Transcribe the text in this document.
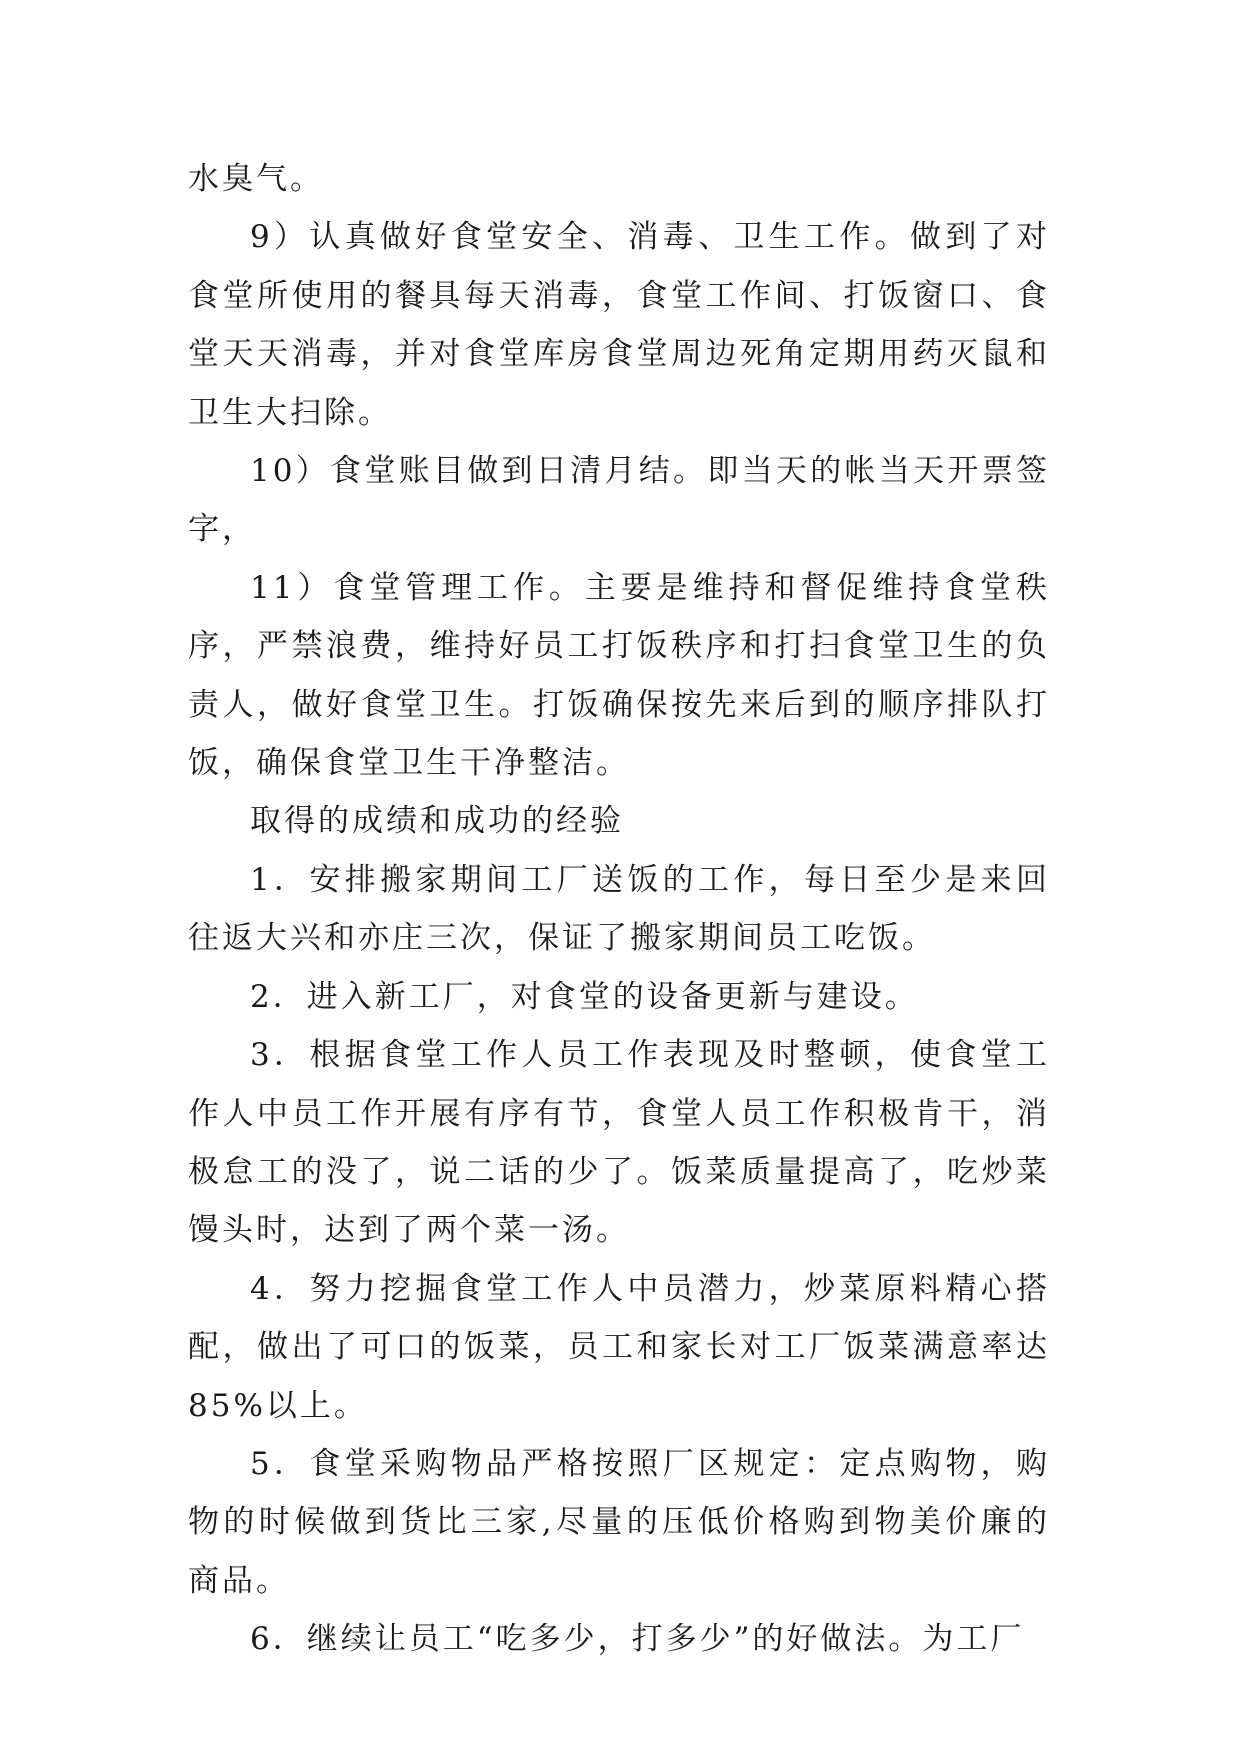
水臭气。

9）认真做好食堂安全、消毒、卫生工作。做到了对食堂所使用的餐具每天消毒，食堂工作间、打饭窗口、食堂天天消毒，并对食堂库房食堂周边死角定期用药灭鼠和卫生大扫除。

10）食堂账目做到日清月结。即当天的帐当天开票签字，

11）食堂管理工作。主要是维持和督促维持食堂秩序，严禁浪费，维持好员工打饭秩序和打扫食堂卫生的负责人，做好食堂卫生。打饭确保按先来后到的顺序排队打饭，确保食堂卫生干净整洁。

取得的成绩和成功的经验

1．安排搬家期间工厂送饭的工作，每日至少是来回往返大兴和亦庄三次，保证了搬家期间员工吃饭。

2．进入新工厂，对食堂的设备更新与建设。

3．根据食堂工作人员工作表现及时整顿，使食堂工作人中员工作开展有序有节，食堂人员工作积极肯干，消极怠工的没了，说二话的少了。饭菜质量提高了，吃炒菜馒头时，达到了两个菜一汤。

4．努力挖掘食堂工作人中员潜力，炒菜原料精心搭配，做出了可口的饭菜，员工和家长对工厂饭菜满意率达 85%以上。

5．食堂采购物品严格按照厂区规定：定点购物，购物的时候做到货比三家,尽量的压低价格购到物美价廉的商品。

6．继续让员工“吃多少，打多少”的好做法。为工厂
